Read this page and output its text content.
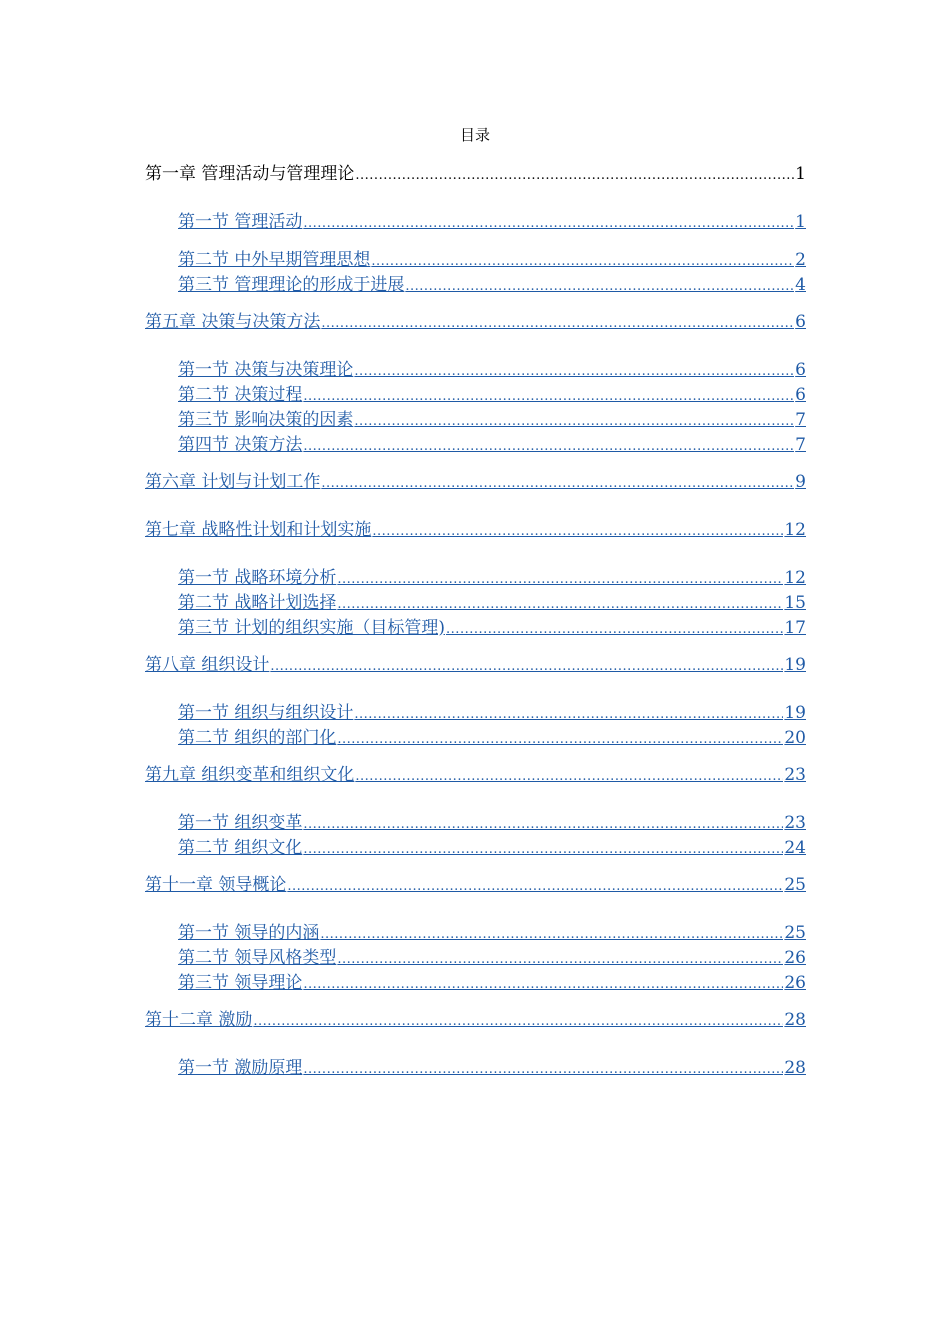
目录
第一章 管理活动与管理理论 .....	1
第一节 管理活动 .....	1
第二节 中外早期管理思想 .....	2
第三节 管理理论的形成于进展 .....	4
第五章 决策与决策方法 .....	6
第一节 决策与决策理论 .....	6
第二节 决策过程 .....	6
第三节 影响决策的因素 .....	7
第四节 决策方法 .....	7
第六章 计划与计划工作 .....	9
第七章 战略性计划和计划实施 .....	12
第一节 战略环境分析 .....	12
第二节 战略计划选择 .....	15
第三节 计划的组织实施（目标管理) .....	17
第八章 组织设计 .....	19
第一节 组织与组织设计 .....	19
第二节 组织的部门化 .....	20
第九章 组织变革和组织文化 .....	23
第一节 组织变革 .....	23
第二节 组织文化 .....	24
第十一章 领导概论 .....	25
第一节 领导的内涵 .....	25
第二节 领导风格类型 .....	26
第三节 领导理论 .....	26
第十二章 激励 .....	28
第一节 激励原理 .....	28
